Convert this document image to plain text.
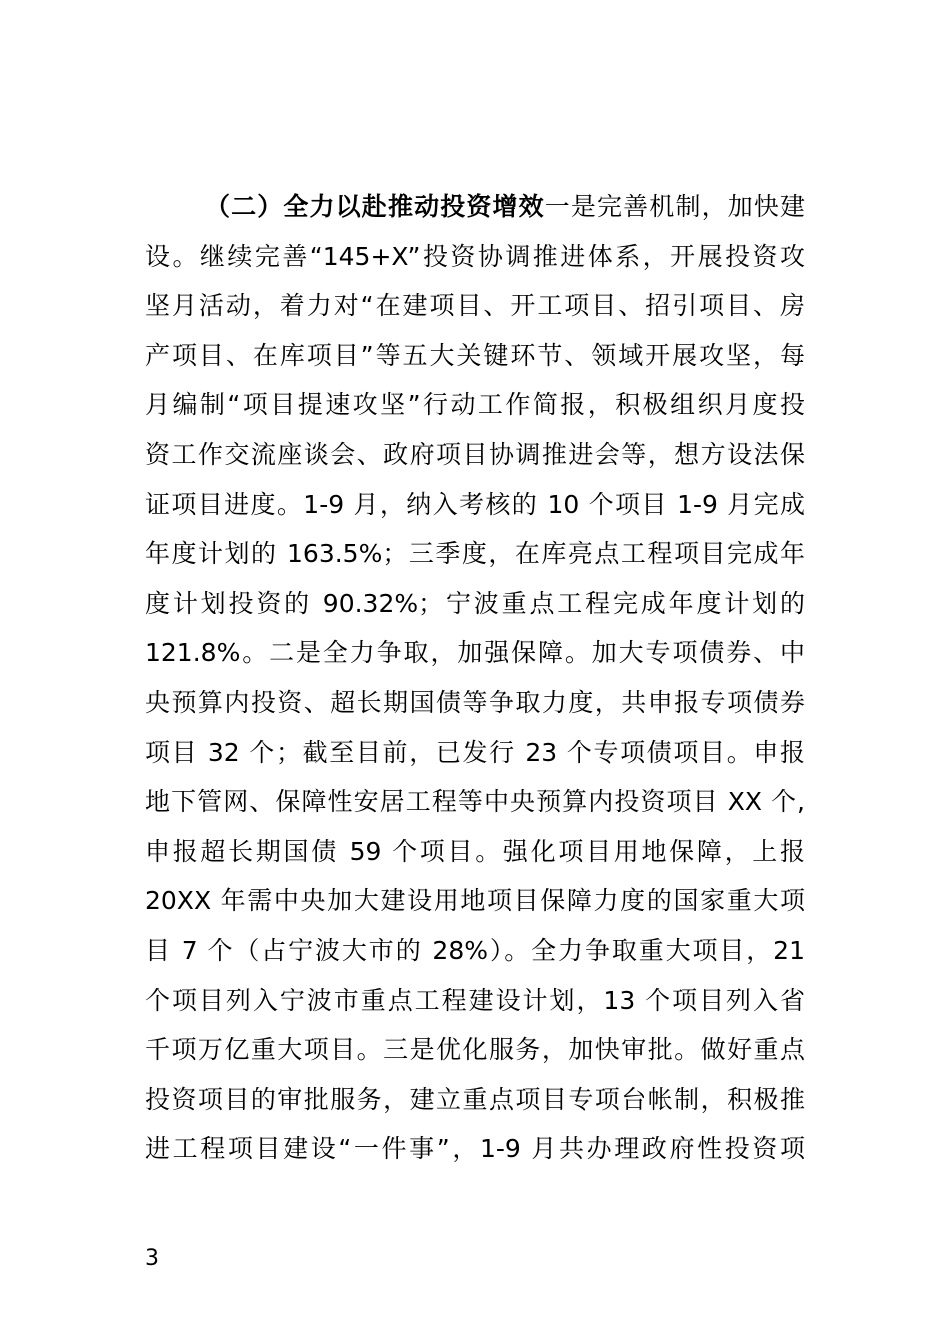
（二）全力以赴推动投资增效一是完善机制，加快建
设。继续完善“145+X”投资协调推进体系，开展投资攻
坚月活动，着力对“在建项目、开工项目、招引项目、房
产项目、在库项目”等五大关键环节、领域开展攻坚，每
月编制“项目提速攻坚”行动工作简报，积极组织月度投
资工作交流座谈会、政府项目协调推进会等，想方设法保
证项目进度。1-9 月，纳入考核的 10 个项目 1-9 月完成
年度计划的 163.5%；三季度，在库亮点工程项目完成年
度计划投资的 90.32%；宁波重点工程完成年度计划的
121.8%。二是全力争取，加强保障。加大专项债券、中
央预算内投资、超长期国债等争取力度，共申报专项债券
项目 32 个；截至目前，已发行 23 个专项债项目。申报
地下管网、保障性安居工程等中央预算内投资项目 XX 个,
申报超长期国债 59 个项目。强化项目用地保障，上报
20XX 年需中央加大建设用地项目保障力度的国家重大项
目 7 个（占宁波大市的 28%）。全力争取重大项目，21
个项目列入宁波市重点工程建设计划，13 个项目列入省
千项万亿重大项目。三是优化服务，加快审批。做好重点
投资项目的审批服务，建立重点项目专项台帐制，积极推
进工程项目建设“一件事”，1-9 月共办理政府性投资项
3
